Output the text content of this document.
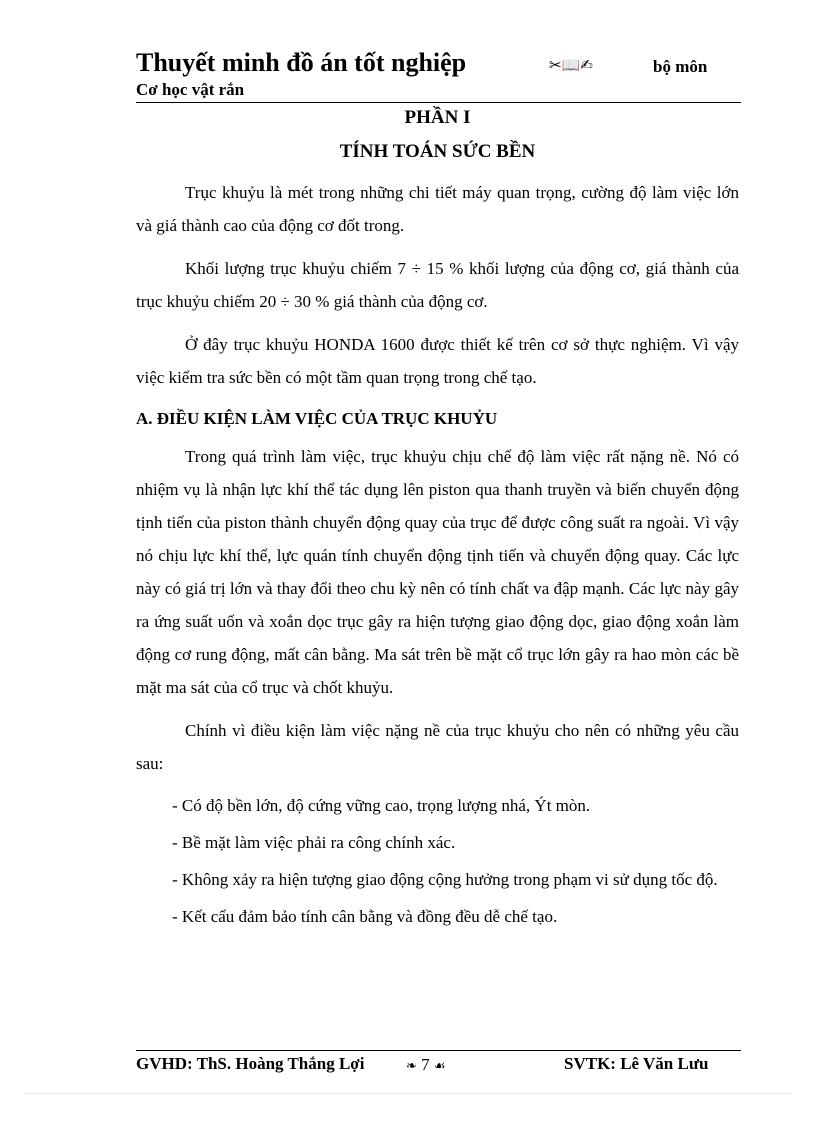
Thuyết minh đồ án tốt nghiệp	✂📖✍	bộ môn
Cơ học vật rắn
PHẦN I
TÍNH TOÁN SỨC BỀN

Trục khuỷu là mét trong những chi tiết máy quan trọng, cường độ làm việc lớn và giá thành cao của động cơ đốt trong.

Khối lượng trục khuỷu chiếm 7 ÷ 15 % khối lượng của động cơ, giá thành của trục khuỷu chiếm 20 ÷ 30 % giá thành của động cơ.

Ở đây trục khuỷu HONDA 1600 được thiết kế trên cơ sở thực nghiệm. Vì vậy việc kiểm tra sức bền có một tầm quan trọng trong chế tạo.

A. ĐIỀU KIỆN LÀM VIỆC CỦA TRỤC KHUỶU

Trong quá trình làm việc, trục khuỷu chịu chế độ làm việc rất nặng nề. Nó có nhiệm vụ là nhận lực khí thể tác dụng lên piston qua thanh truyền và biến chuyển động tịnh tiến của piston thành chuyển động quay của trục để được công suất ra ngoài. Vì vậy nó chịu lực khí thể, lực quán tính chuyển động tịnh tiến và chuyển động quay. Các lực này có giá trị lớn và thay đổi theo chu kỳ nên có tính chất va đập mạnh. Các lực này gây ra ứng suất uốn và xoắn dọc trục gây ra hiện tượng giao động dọc, giao động xoắn làm động cơ rung động, mất cân bằng. Ma sát trên bề mặt cổ trục lớn gây ra hao mòn các bề mặt ma sát của cổ trục và chốt khuỷu.

Chính vì điều kiện làm việc nặng nề của trục khuỷu cho nên có những yêu cầu sau:

- Có độ bền lớn, độ cứng vững cao, trọng lượng nhá, Ýt mòn.

- Bề mặt làm việc phải ra công chính xác.

- Không xảy ra hiện tượng giao động cộng hưởng trong phạm vi sử dụng tốc độ.

- Kết cấu đảm bảo tính cân bằng và đồng đều dễ chế tạo.

GVHD: ThS. Hoàng Thắng Lợi	❧ 7 ☙	SVTK: Lê Văn Lưu
